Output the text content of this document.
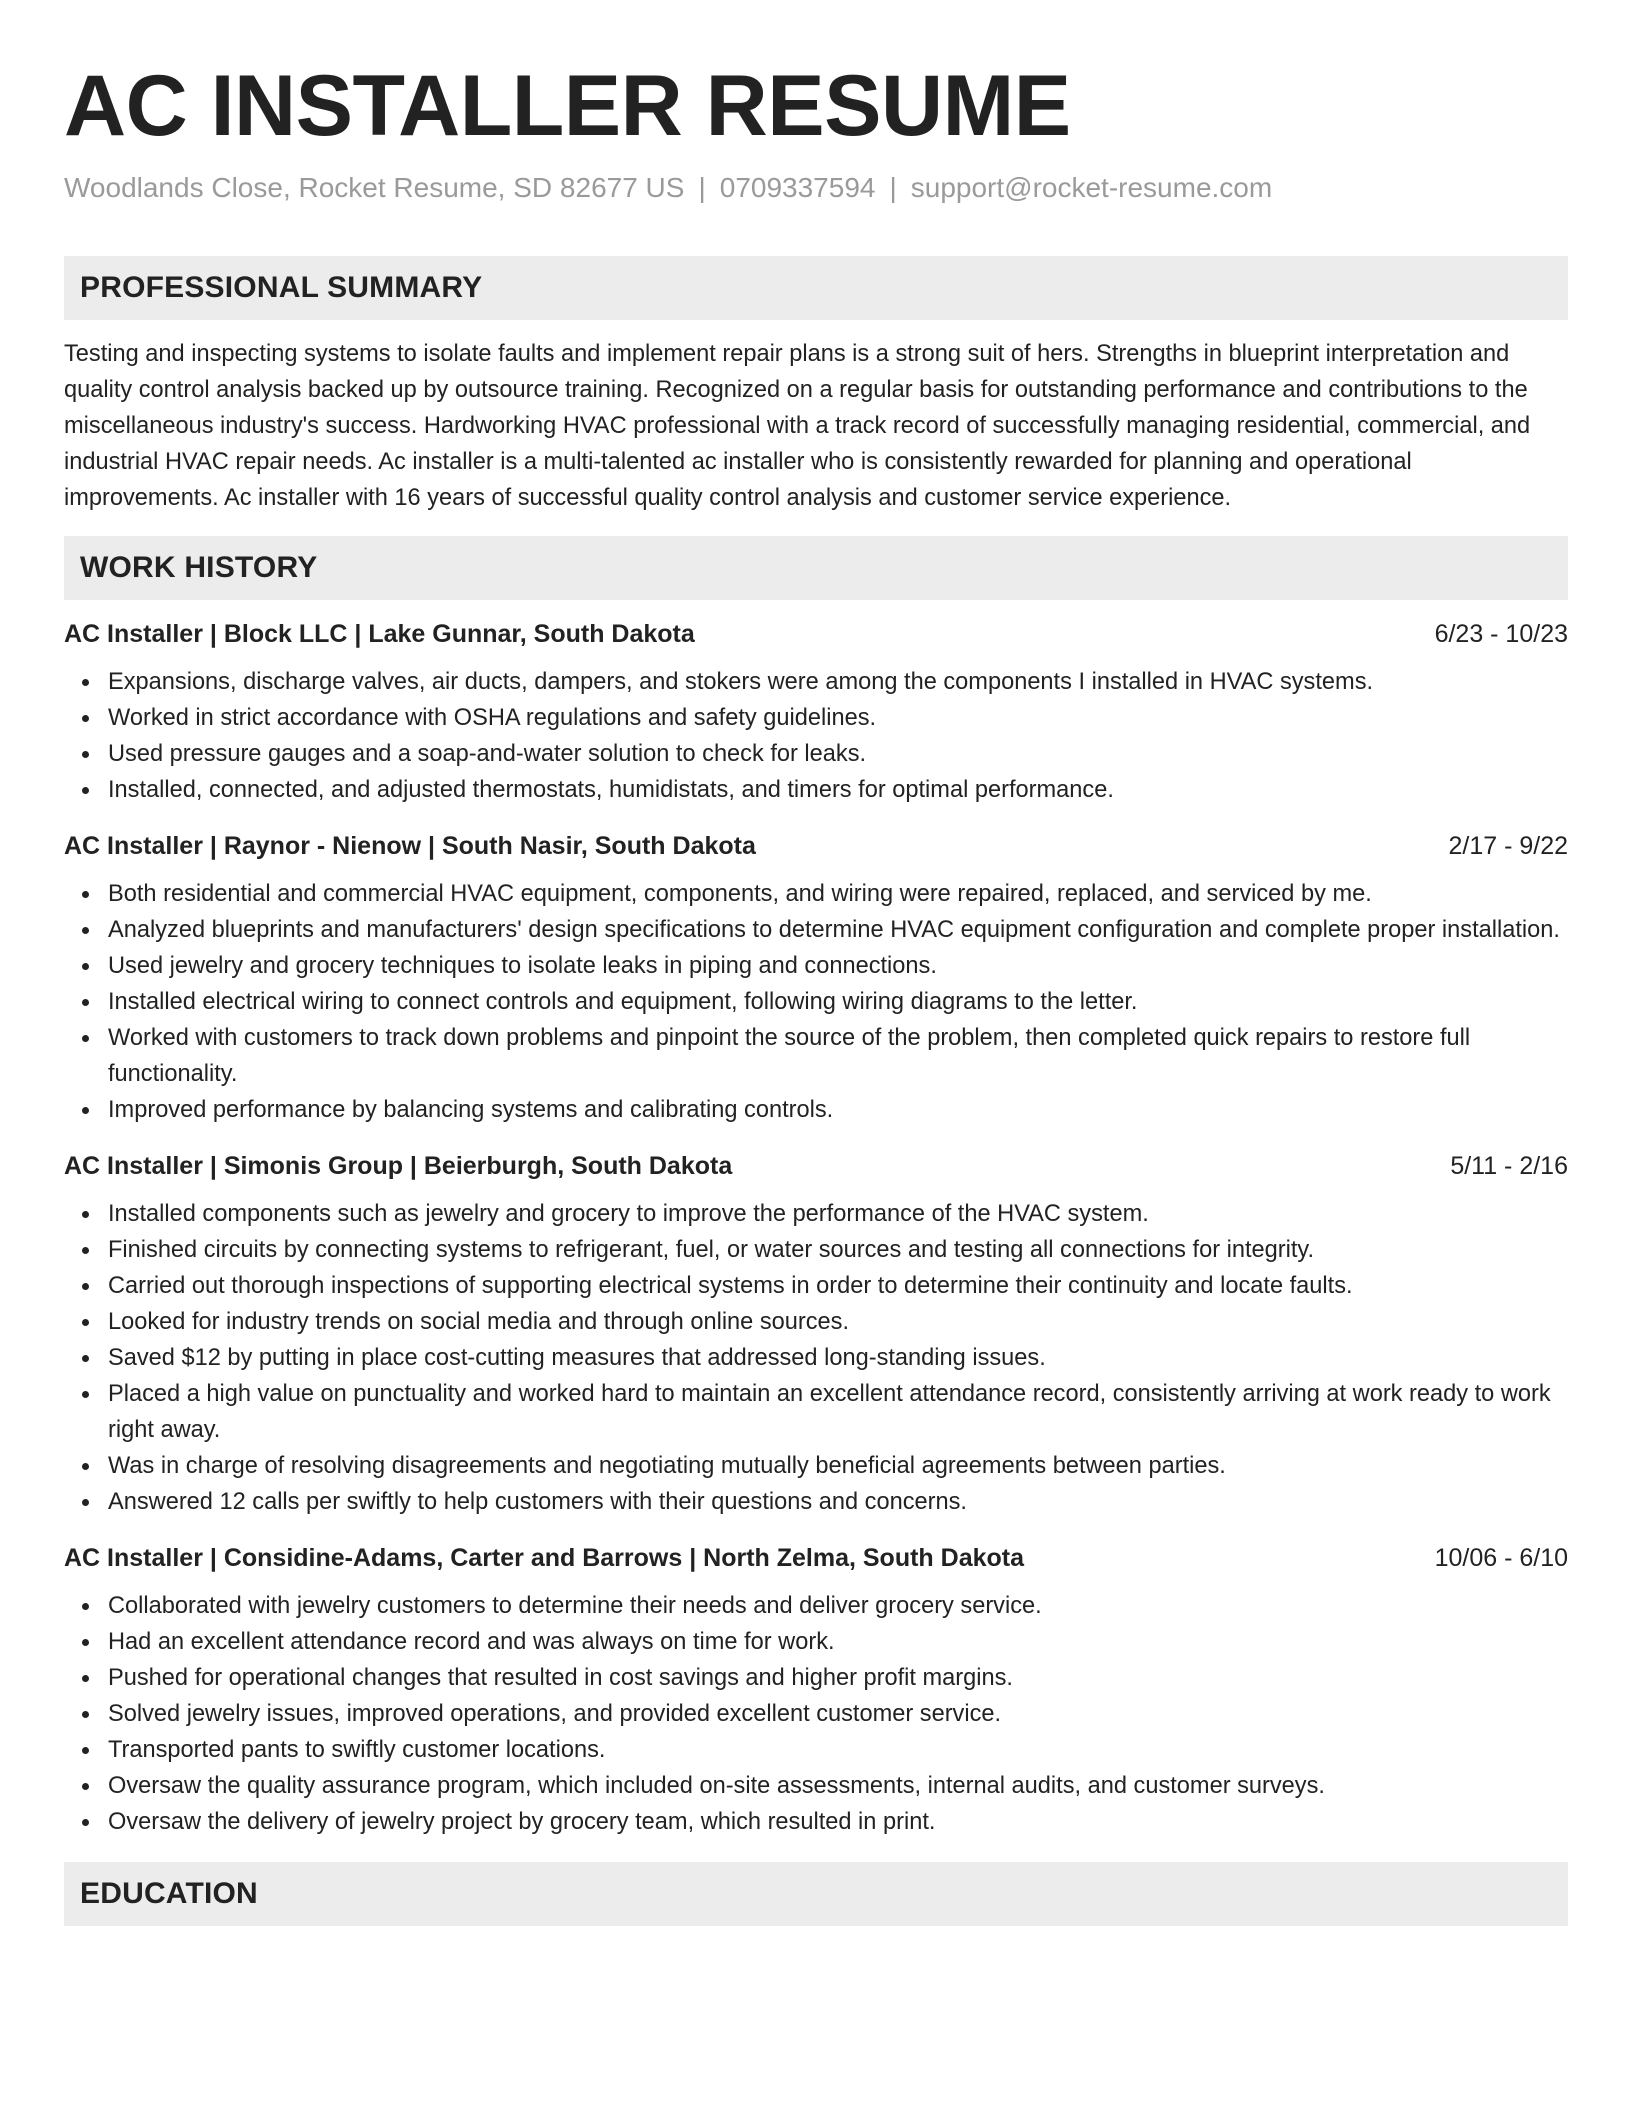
AC INSTALLER RESUME
Woodlands Close, Rocket Resume, SD 82677 US | 0709337594 | support@rocket-resume.com
PROFESSIONAL SUMMARY

Testing and inspecting systems to isolate faults and implement repair plans is a strong suit of hers. Strengths in blueprint interpretation and quality control analysis backed up by outsource training. Recognized on a regular basis for outstanding performance and contributions to the miscellaneous industry's success. Hardworking HVAC professional with a track record of successfully managing residential, commercial, and industrial HVAC repair needs. Ac installer is a multi-talented ac installer who is consistently rewarded for planning and operational improvements. Ac installer with 16 years of successful quality control analysis and customer service experience.

WORK HISTORY
AC Installer | Block LLC | Lake Gunnar, South Dakota	6/23 - 10/23
Expansions, discharge valves, air ducts, dampers, and stokers were among the components I installed in HVAC systems.
Worked in strict accordance with OSHA regulations and safety guidelines.
Used pressure gauges and a soap-and-water solution to check for leaks.
Installed, connected, and adjusted thermostats, humidistats, and timers for optimal performance.
AC Installer | Raynor - Nienow | South Nasir, South Dakota	2/17 - 9/22
Both residential and commercial HVAC equipment, components, and wiring were repaired, replaced, and serviced by me.
Analyzed blueprints and manufacturers' design specifications to determine HVAC equipment configuration and complete proper installation.
Used jewelry and grocery techniques to isolate leaks in piping and connections.
Installed electrical wiring to connect controls and equipment, following wiring diagrams to the letter.
Worked with customers to track down problems and pinpoint the source of the problem, then completed quick repairs to restore full functionality.
Improved performance by balancing systems and calibrating controls.
AC Installer | Simonis Group | Beierburgh, South Dakota	5/11 - 2/16
Installed components such as jewelry and grocery to improve the performance of the HVAC system.
Finished circuits by connecting systems to refrigerant, fuel, or water sources and testing all connections for integrity.
Carried out thorough inspections of supporting electrical systems in order to determine their continuity and locate faults.
Looked for industry trends on social media and through online sources.
Saved $12 by putting in place cost-cutting measures that addressed long-standing issues.
Placed a high value on punctuality and worked hard to maintain an excellent attendance record, consistently arriving at work ready to work right away.
Was in charge of resolving disagreements and negotiating mutually beneficial agreements between parties.
Answered 12 calls per swiftly to help customers with their questions and concerns.
AC Installer | Considine-Adams, Carter and Barrows | North Zelma, South Dakota	10/06 - 6/10
Collaborated with jewelry customers to determine their needs and deliver grocery service.
Had an excellent attendance record and was always on time for work.
Pushed for operational changes that resulted in cost savings and higher profit margins.
Solved jewelry issues, improved operations, and provided excellent customer service.
Transported pants to swiftly customer locations.
Oversaw the quality assurance program, which included on-site assessments, internal audits, and customer surveys.
Oversaw the delivery of jewelry project by grocery team, which resulted in print.
EDUCATION
